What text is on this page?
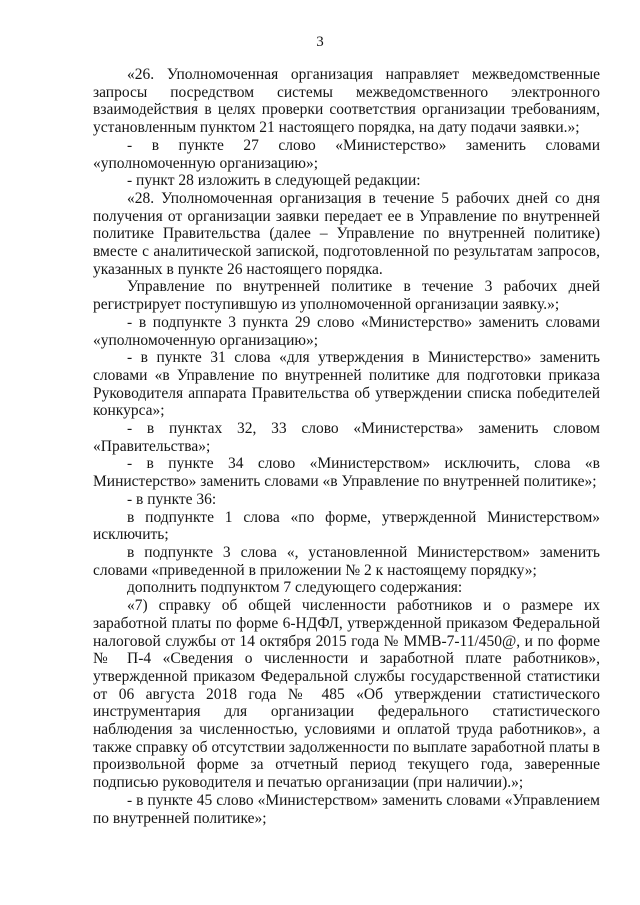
3

«26. Уполномоченная организация направляет межведомственные запросы посредством системы межведомственного электронного взаимодействия в целях проверки соответствия организации требованиям, установленным пунктом 21 настоящего порядка, на дату подачи заявки.»;

- в пункте 27 слово «Министерство» заменить словами «уполномоченную организацию»;

- пункт 28 изложить в следующей редакции:

«28. Уполномоченная организация в течение 5 рабочих дней со дня получения от организации заявки передает ее в Управление по внутренней политике Правительства (далее – Управление по внутренней политике) вместе с аналитической запиской, подготовленной по результатам запросов, указанных в пункте 26 настоящего порядка.

Управление по внутренней политике в течение 3 рабочих дней регистрирует поступившую из уполномоченной организации заявку.»;

- в подпункте 3 пункта 29 слово «Министерство» заменить словами «уполномоченную организацию»;

- в пункте 31 слова «для утверждения в Министерство» заменить словами «в Управление по внутренней политике для подготовки приказа Руководителя аппарата Правительства об утверждении списка победителей конкурса»;

- в пунктах 32, 33 слово «Министерства» заменить словом «Правительства»;

- в пункте 34 слово «Министерством» исключить, слова «в Министерство» заменить словами «в Управление по внутренней политике»;

- в пункте 36:

в подпункте 1 слова «по форме, утвержденной Министерством» исключить;

в подпункте 3 слова «, установленной Министерством» заменить словами «приведенной в приложении № 2 к настоящему порядку»;

дополнить подпунктом 7 следующего содержания:

«7) справку об общей численности работников и о размере их заработной платы по форме 6-НДФЛ, утвержденной приказом Федеральной налоговой службы от 14 октября 2015 года № ММВ-7-11/450@, и по форме № П-4 «Сведения о численности и заработной плате работников», утвержденной приказом Федеральной службы государственной статистики от 06 августа 2018 года № 485 «Об утверждении статистического инструментария для организации федерального статистического наблюдения за численностью, условиями и оплатой труда работников», а также справку об отсутствии задолженности по выплате заработной платы в произвольной форме за отчетный период текущего года, заверенные подписью руководителя и печатью организации (при наличии).»;

- в пункте 45 слово «Министерством» заменить словами «Управлением по внутренней политике»;
